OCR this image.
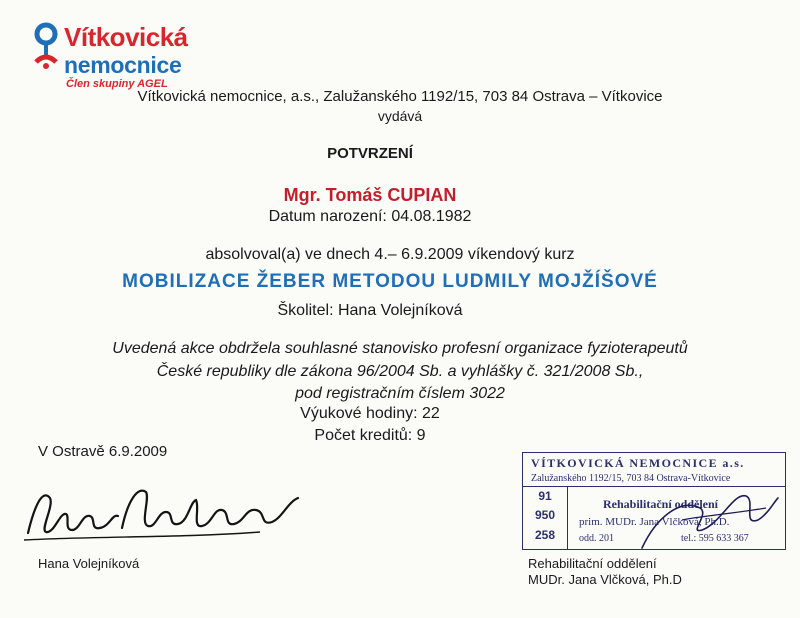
Vítkovická
nemocnice
Člen skupiny AGEL
Vítkovická nemocnice, a.s., Zalužanského 1192/15, 703 84 Ostrava – Vítkovice
vydává
POTVRZENÍ
Mgr. Tomáš CUPIAN
Datum narození: 04.08.1982
absolvoval(a) ve dnech 4.– 6.9.2009 víkendový kurz
MOBILIZACE ŽEBER METODOU LUDMILY MOJŽÍŠOVÉ
Školitel: Hana Volejníková
Uvedená akce obdržela souhlasné stanovisko profesní organizace fyzioterapeutů
České republiky dle zákona 96/2004 Sb. a vyhlášky č. 321/2008 Sb.,
pod registračním číslem 3022
Výukové hodiny: 22
Počet kreditů: 9
V Ostravě 6.9.2009
Hana Volejníková
VÍTKOVICKÁ NEMOCNICE a.s.
Zalužanského 1192/15, 703 84 Ostrava-Vítkovice
91
950
258
Rehabilitační oddělení
prim. MUDr. Jana Vlčková, Ph.D.
odd. 201	tel.: 595 633 367
Rehabilitační oddělení
MUDr. Jana Vlčková, Ph.D
